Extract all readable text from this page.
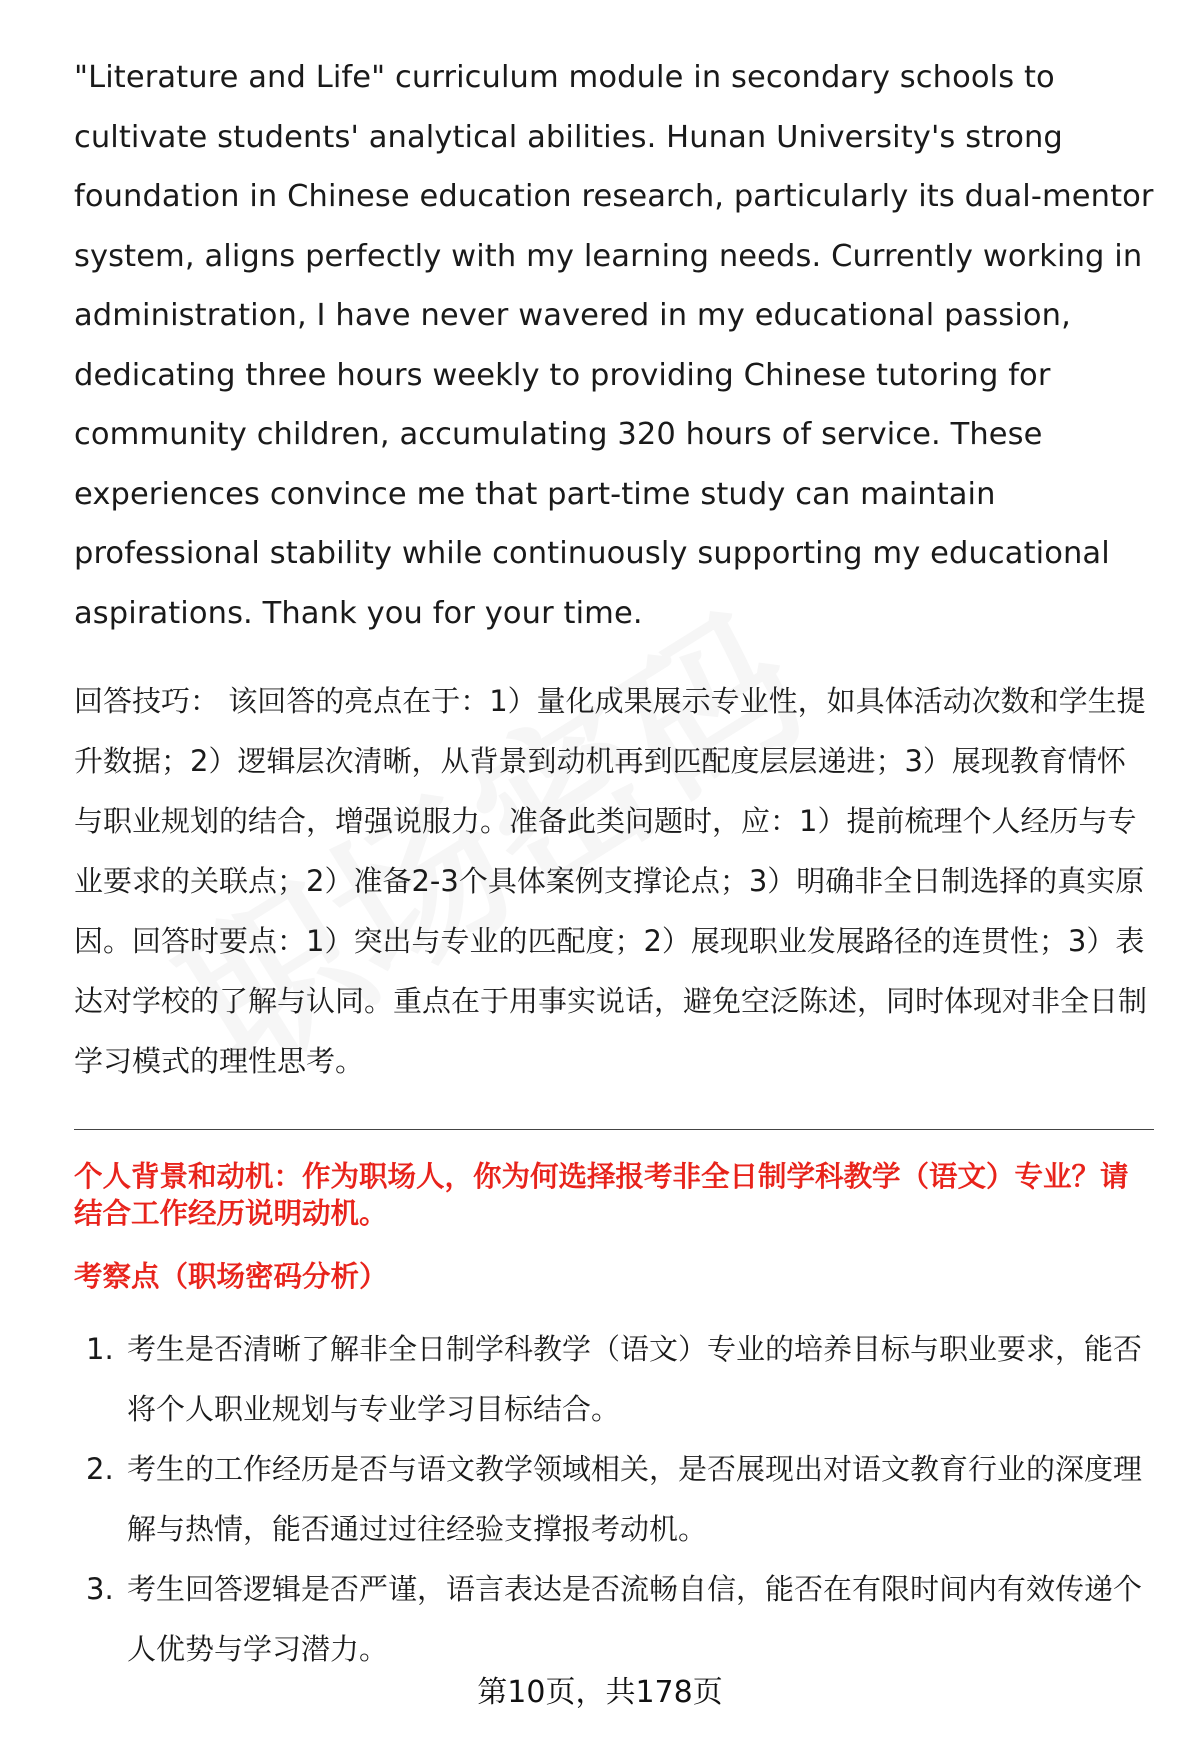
"Literature and Life" curriculum module in secondary schools to cultivate students' analytical abilities. Hunan University's strong foundation in Chinese education research, particularly its dual-mentor system, aligns perfectly with my learning needs. Currently working in administration, I have never wavered in my educational passion, dedicating three hours weekly to providing Chinese tutoring for community children, accumulating 320 hours of service. These experiences convince me that part-time study can maintain professional stability while continuously supporting my educational aspirations. Thank you for your time.

回答技巧： 该回答的亮点在于：1）量化成果展示专业性，如具体活动次数和学生提升数据；2）逻辑层次清晰，从背景到动机再到匹配度层层递进；3）展现教育情怀与职业规划的结合，增强说服力。准备此类问题时，应：1）提前梳理个人经历与专业要求的关联点；2）准备2-3个具体案例支撑论点；3）明确非全日制选择的真实原因。回答时要点：1）突出与专业的匹配度；2）展现职业发展路径的连贯性；3）表达对学校的了解与认同。重点在于用事实说话，避免空泛陈述，同时体现对非全日制学习模式的理性思考。

个人背景和动机：作为职场人，你为何选择报考非全日制学科教学（语文）专业？请结合工作经历说明动机。
考察点（职场密码分析）
1. 考生是否清晰了解非全日制学科教学（语文）专业的培养目标与职业要求，能否将个人职业规划与专业学习目标结合。
2. 考生的工作经历是否与语文教学领域相关，是否展现出对语文教育行业的深度理解与热情，能否通过过往经验支撑报考动机。
3. 考生回答逻辑是否严谨，语言表达是否流畅自信，能否在有限时间内有效传递个人优势与学习潜力。
第10页，共178页
